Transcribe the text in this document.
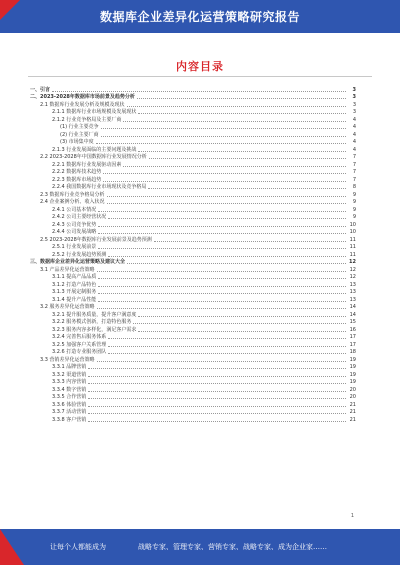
数据库企业差异化运营策略研究报告
内容目录
一、引言	3
二、2023-2028年数据库市场前景及趋势分析	3
2.1 数据库行业发展分析及规模及现状	3
2.1.1 数据库行业市场规模及发展现状	3
2.1.2 行业竞争格局及主要厂商	4
(1) 行业主要竞争	4
(2) 行业主要厂商	4
(3) 市场集中度	4
2.1.3 行业发展面临的主要问题及挑战	4
2.2 2023-2028年中国数据库行业发展情况分析	7
2.2.1 数据库行业发展驱动因素	7
2.2.2 数据库技术趋势	7
2.2.3 数据库市场趋势	7
2.2.4 我国数据库行业市场现状及竞争格局	8
2.3 数据库行业竞争格局分析	9
2.4 企业案例分析、收入状况	9
2.4.1 公司基本情况	9
2.4.2 公司主要经营状况	9
2.4.3 公司竞争优势	10
2.4.4 公司发展战略	10
2.5 2023-2028年数据库行业发展前景及趋势预测	11
2.5.1 行业发展前景	11
2.5.2 行业发展趋势预测	11
三、数据库企业差异化运营策略及建议大全	12
3.1 产品差异化运营策略	12
3.1.1 提高产品品质	12
3.1.2 打造产品特色	13
3.1.3 开展定制服务	13
3.1.4 提升产品性能	13
3.2 服务差异化运营策略	14
3.2.1 提升服务质量，提升客户满意度	14
3.2.2 服务模式创新，打造特色服务	15
3.2.3 服务内容多样化，满足客户需求	16
3.2.4 完善售后服务体系	17
3.2.5 加强客户关系管理	17
3.2.6 打造专业服务团队	18
3.3 营销差异化运营策略	19
3.3.1 品牌营销	19
3.3.2 渠道营销	19
3.3.3 内容营销	19
3.3.4 数字营销	20
3.3.5 合作营销	20
3.3.6 体验营销	21
3.3.7 活动营销	21
3.3.8 客户营销	21
1
让每个人都能成为	战略专家、管理专家、营销专家、战略专家、成为企业家……
